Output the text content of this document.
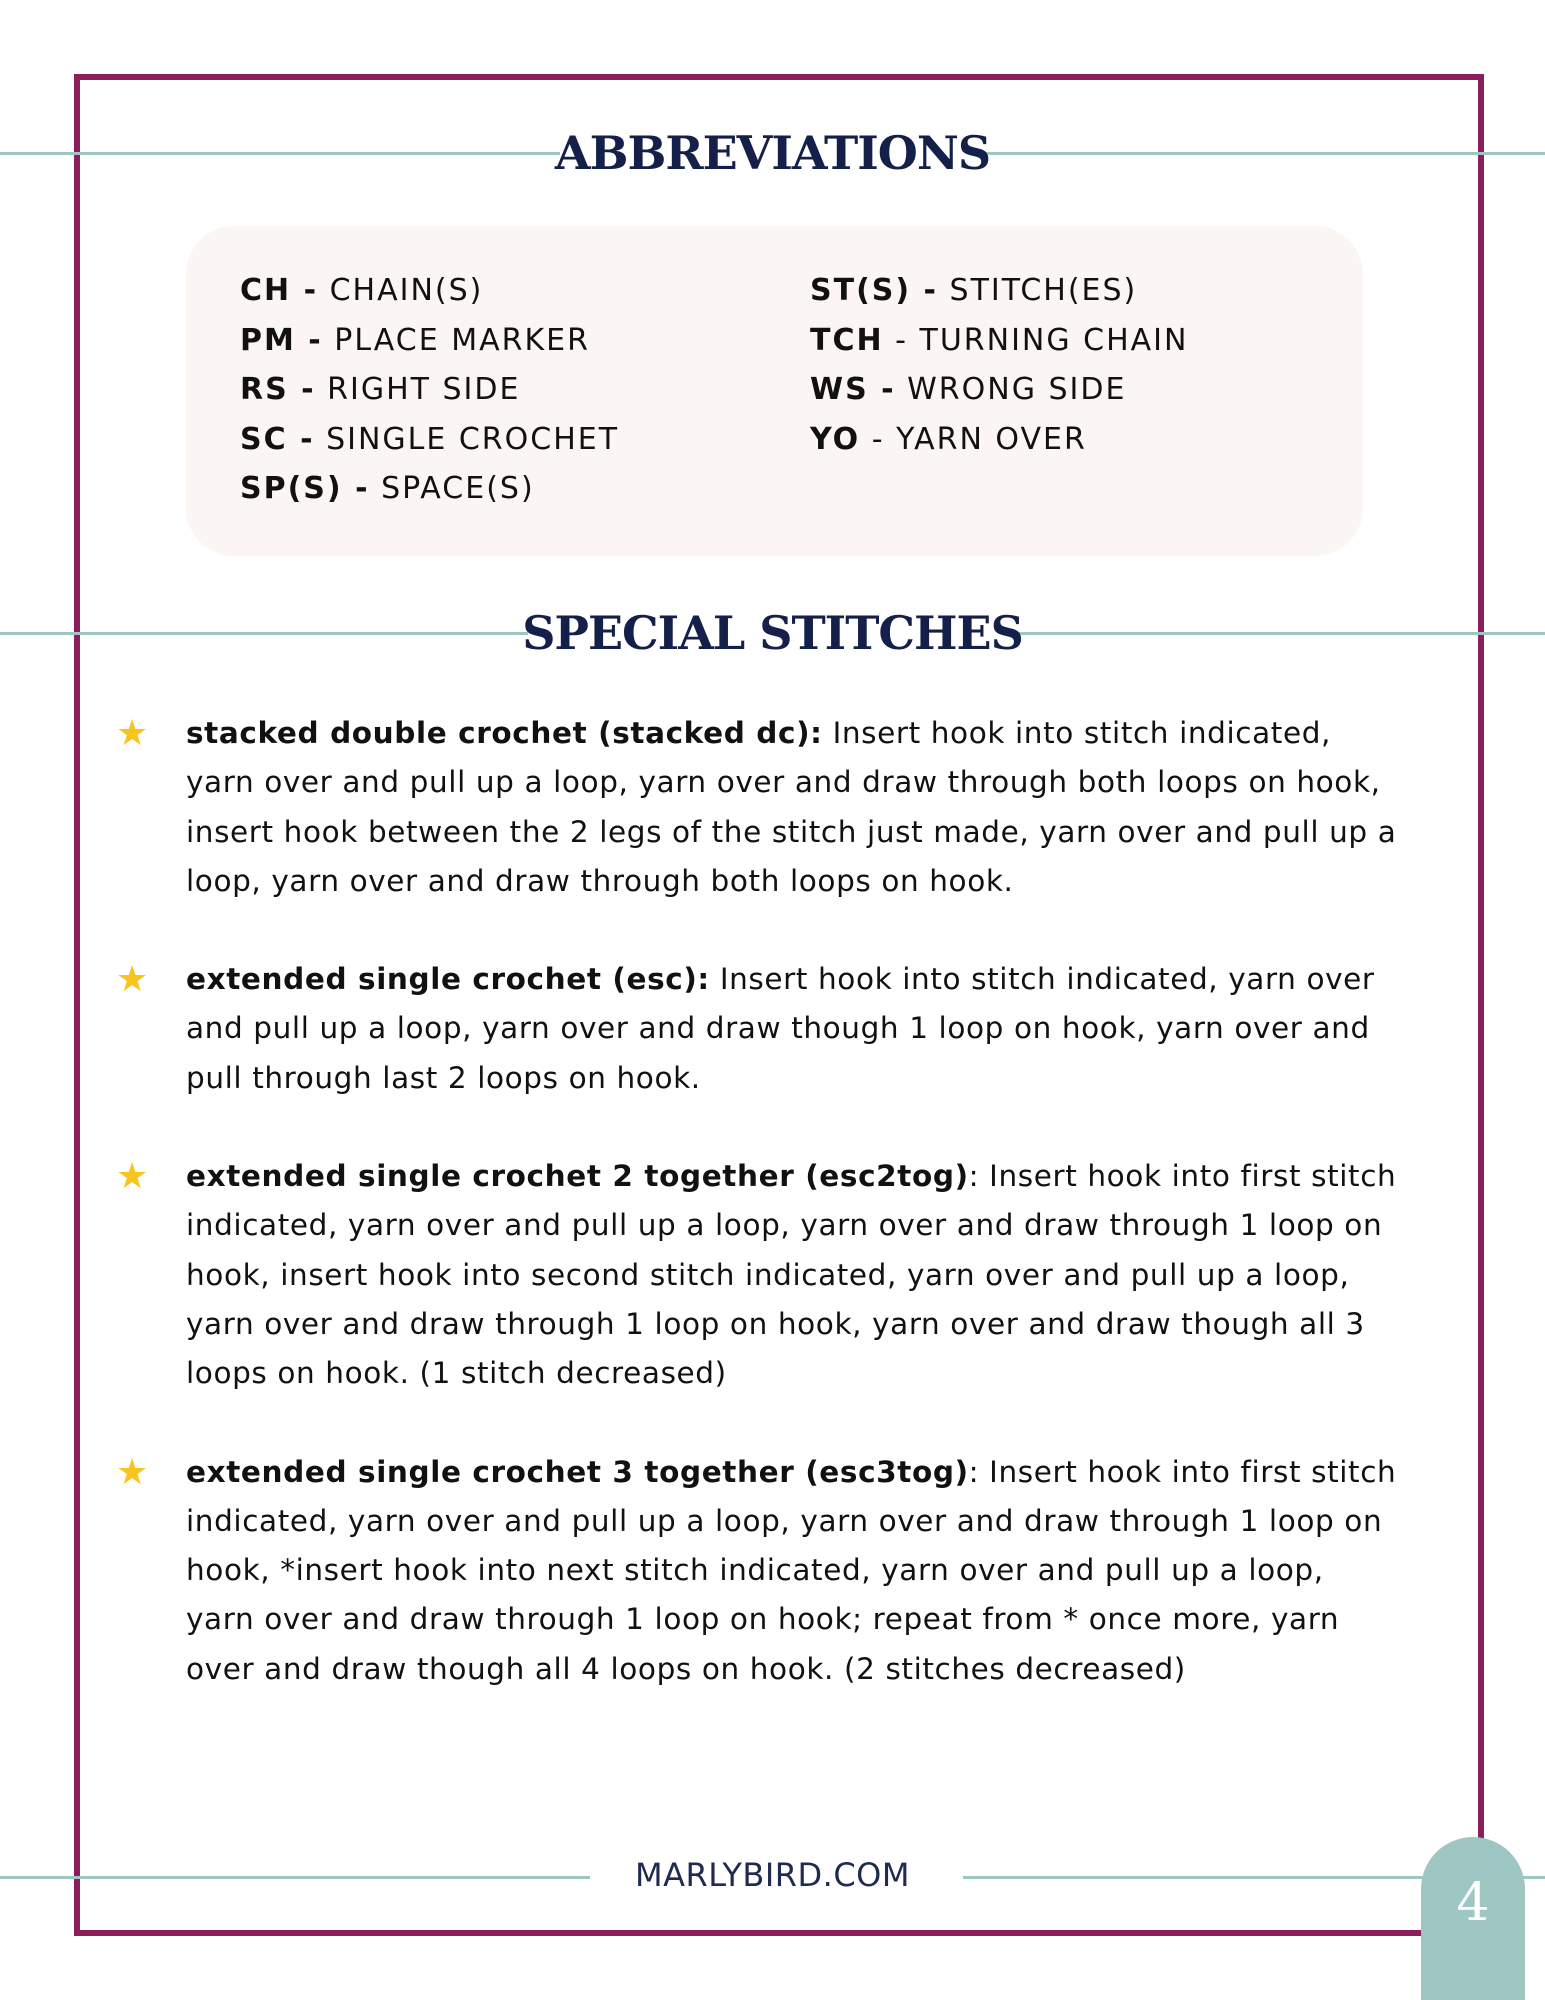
ABBREVIATIONS
CH - CHAIN(S)
PM - PLACE MARKER
RS - RIGHT SIDE
SC - SINGLE CROCHET
SP(S) - SPACE(S)
ST(S) - STITCH(ES)
TCH - TURNING CHAIN
WS - WRONG SIDE
YO - YARN OVER
SPECIAL STITCHES
★ stacked double crochet (stacked dc): Insert hook into stitch indicated, yarn over and pull up a loop, yarn over and draw through both loops on hook, insert hook between the 2 legs of the stitch just made, yarn over and pull up a loop, yarn over and draw through both loops on hook.
★ extended single crochet (esc): Insert hook into stitch indicated, yarn over and pull up a loop, yarn over and draw though 1 loop on hook, yarn over and pull through last 2 loops on hook.
★ extended single crochet 2 together (esc2tog): Insert hook into first stitch indicated, yarn over and pull up a loop, yarn over and draw through 1 loop on hook, insert hook into second stitch indicated, yarn over and pull up a loop, yarn over and draw through 1 loop on hook, yarn over and draw though all 3 loops on hook. (1 stitch decreased)
★ extended single crochet 3 together (esc3tog): Insert hook into first stitch indicated, yarn over and pull up a loop, yarn over and draw through 1 loop on hook, *insert hook into next stitch indicated, yarn over and pull up a loop, yarn over and draw through 1 loop on hook; repeat from * once more, yarn over and draw though all 4 loops on hook. (2 stitches decreased)
MARLYBIRD.COM	4
